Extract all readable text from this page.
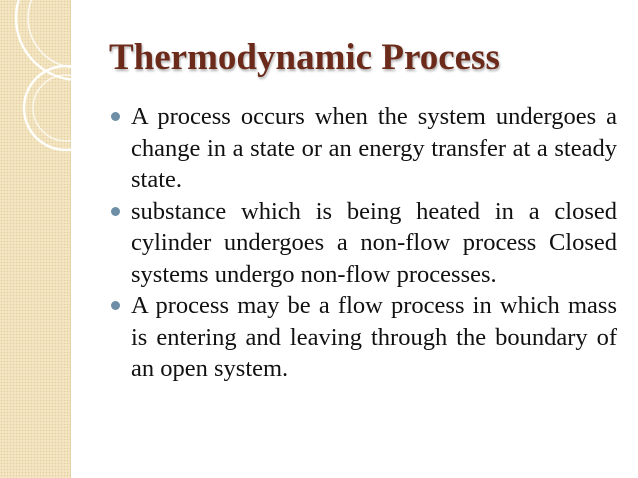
Thermodynamic Process
A process occurs when the system undergoes a change in a state or an energy transfer at a steady state.
substance which is being heated in a closed cylinder undergoes a non-flow process Closed systems undergo non-flow processes.
A process may be a flow process in which mass is entering and leaving through the boundary of an open system.
